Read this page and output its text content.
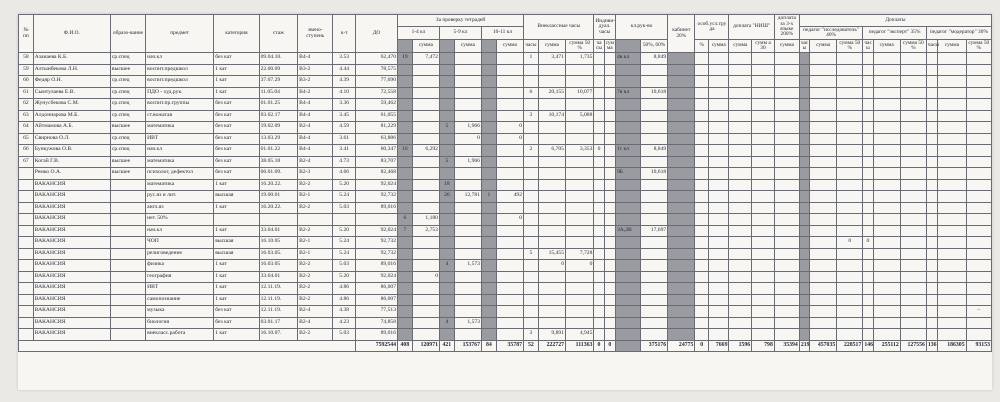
№ пп	Ф.И.О.	образо-вание	предмет	категория	стаж	звено-ступень	к-т	ДО	За проверку тетрадей						Внеклассные часы			Индиви-дуал. часы		кл.рук-во		кабинет 20%	особ.усл.тру да		доплата "НИШ"		доплата за 3-х языке 200%	Доплаты								
									1-4 кл		5-9 кл		10-11 кл															педагог "исследователь" 40%			педагог "эксперт" 35%			педагог "модератор" 30%		
										сумма		сумма		сумма	часы	сумма	сумма 50 %	ча сы	сум ма		50%, 60%		%	сумма	сумма	сумм а 30	сумма	час ы	сумма	сумма 50 %	час ы	сумма	сумма 50 %	часы	сумма	сумма 50 %
58	Азанаева К.Б.	ср.спец	нач.кл	без кат	09.04.10.	В4-4	3.53	62,470	19	7,472					1	3,471	1,735			4в кл	8,849															
59	Алтынбекова Л.Н.	высшее	воспит.предшкол	1 кат	22.00.09	В3-2	4.44	78,575																												
60	Федяр О.Н.	ср.спец	воспит.предшкол	1 кат	37.07.29	В3-2	4.39	77,690																												
61	Сымтулаева Е.В.	ср.спец	ПДО - худ.рук.	1 кат	11.05.04	В4-2	4.10	72,558							6	20,155	10,077			7в кл	10,618															
62	Жунусбекова С.М.	ср.спец	воспит.пр.группы	без кат	01.01.25	В4-4	3.36	59,462																												
63	Алдоннарова М.Б.	ср.спец	ст.вожатая	без кат	03.02.17	В4-4	3.45	61,055							3	10,174	5,088																			
64	Айтмамова А.Б.	высшее	математика	без кат	19.02.09	В2-4	4.59	81,229			5	1,966		0																						
65	Свирнова О.Л.	ср.спец	ИВТ	без кат	13.03.29	В4-4	3.61	63,886				0		0																						
66	Бункужова О.В.	ср.спец	нач.кл	без кат	01.01.22	В4-4	3.41	60,347	16	6,292					2	6,705	3,353	0		1г кл	8,849															
67	Когай Г.В.	высшее	математика	без кат	38.05.18	В2-4	4.73	83,707			5	1,966																								
	Ремко О.А.	высшее	психолог, дефектол	без кат	06.01.09.	В2-3	4.66	82,468												9Б	10,618															
	ВАКАНСИЯ		математика	1 кат	16.20.22.	В2-2	5.20	92,024			18																									
	ВАКАНСИЯ		рус.яз и лит.	высшая	19.00.01	В2-1	5.24	92,732			26	12,781	1	492																						
	ВАКАНСИЯ		англ.яз	1 кат	16.20.22.	В2-2	5.03	89,016																												
	ВАКАНСИЯ		нет. 50%						6	1,180				0																						
	ВАКАНСИЯ		нач.кл	1 кат	33.04.01	В2-2	5.20	92,024	7	2,753										3А,2В	17,697															
	ВАКАНСИЯ		ЧОП	высшая	16.10.05	В2-1	5.24	92,732																						0	0					
	ВАКАНСИЯ		религоведение	высшая	16.03.05.	В2-1	5.24	92,732							5	15,455	7,728																			
	ВАКАНСИЯ		физика	1 кат	16.03.05	В2-2	5.03	89,016			4	1,573				0	0																			
	ВАКАНСИЯ		география	1 кат	33.04.01	В2-2	5.20	92,024		0																										
	ВАКАНСИЯ		ИВТ	1 кат	12.11.19.	В2-2	4.86	86,007																												
	ВАКАНСИЯ		самопознание	1 кат	12.11.19.	В2-2	4.86	86,007																												
	ВАКАНСИЯ		музыка	без кат	12.11.19.	В2-4	4.38	77,513																												–
	ВАКАНСИЯ		биология	без кат	03.01.17	В2-4	4.23	74,858			4	1,573																								
	ВАКАНСИЯ		внекласс.работа	1 кат	16.10.07.	В2-2	5.03	89,016							3	9,891	4,945																			
								7592544	408	120971	421	153767	84	35787	52	222727	111363	0	0		375176	24775	0	7669	1596	798	35394	219	457035	228517	146	255112	127556	136	186305	93153
